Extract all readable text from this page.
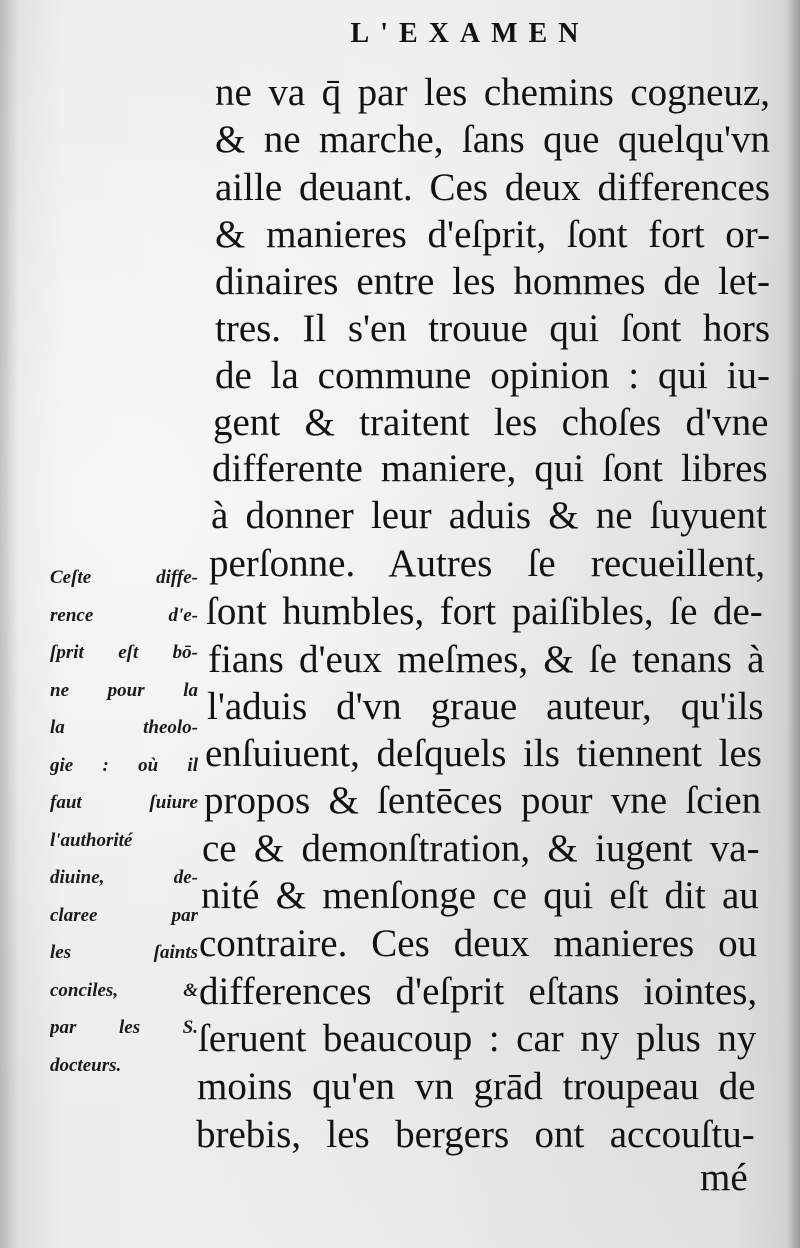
L'EXAMEN
ne va q̄ par les chemins cogneuz,
& ne marche, ſans que quelqu'vn
aille deuant. Ces deux differences
& manieres d'eſprit, ſont fort or-
dinaires entre les hommes de let-
tres. Il s'en trouue qui ſont hors
de la commune opinion : qui iu-
gent & traitent les choſes d'vne
differente maniere, qui ſont libres
à donner leur aduis & ne ſuyuent
perſonne. Autres ſe recueillent,
ſont humbles, fort paiſibles, ſe de-
fians d'eux meſmes, & ſe tenans à
l'aduis d'vn graue auteur, qu'ils
enſuiuent, deſquels ils tiennent les
propos & ſentēces pour vne ſcien
ce & demonſtration, & iugent va-
nité & menſonge ce qui eſt dit au
contraire. Ces deux manieres ou
differences d'eſprit eſtans iointes,
ſeruent beaucoup : car ny plus ny
moins qu'en vn grād troupeau de
brebis, les bergers ont accouſtu-
Ceſte diffe-
rence d'e-
ſprit eſt bō-
ne pour la
la theolo-
gie : où il
faut ſuiure
l'authorité
diuine, de-
claree par
les ſaints
conciles, &
par les S.
docteurs.
mé
